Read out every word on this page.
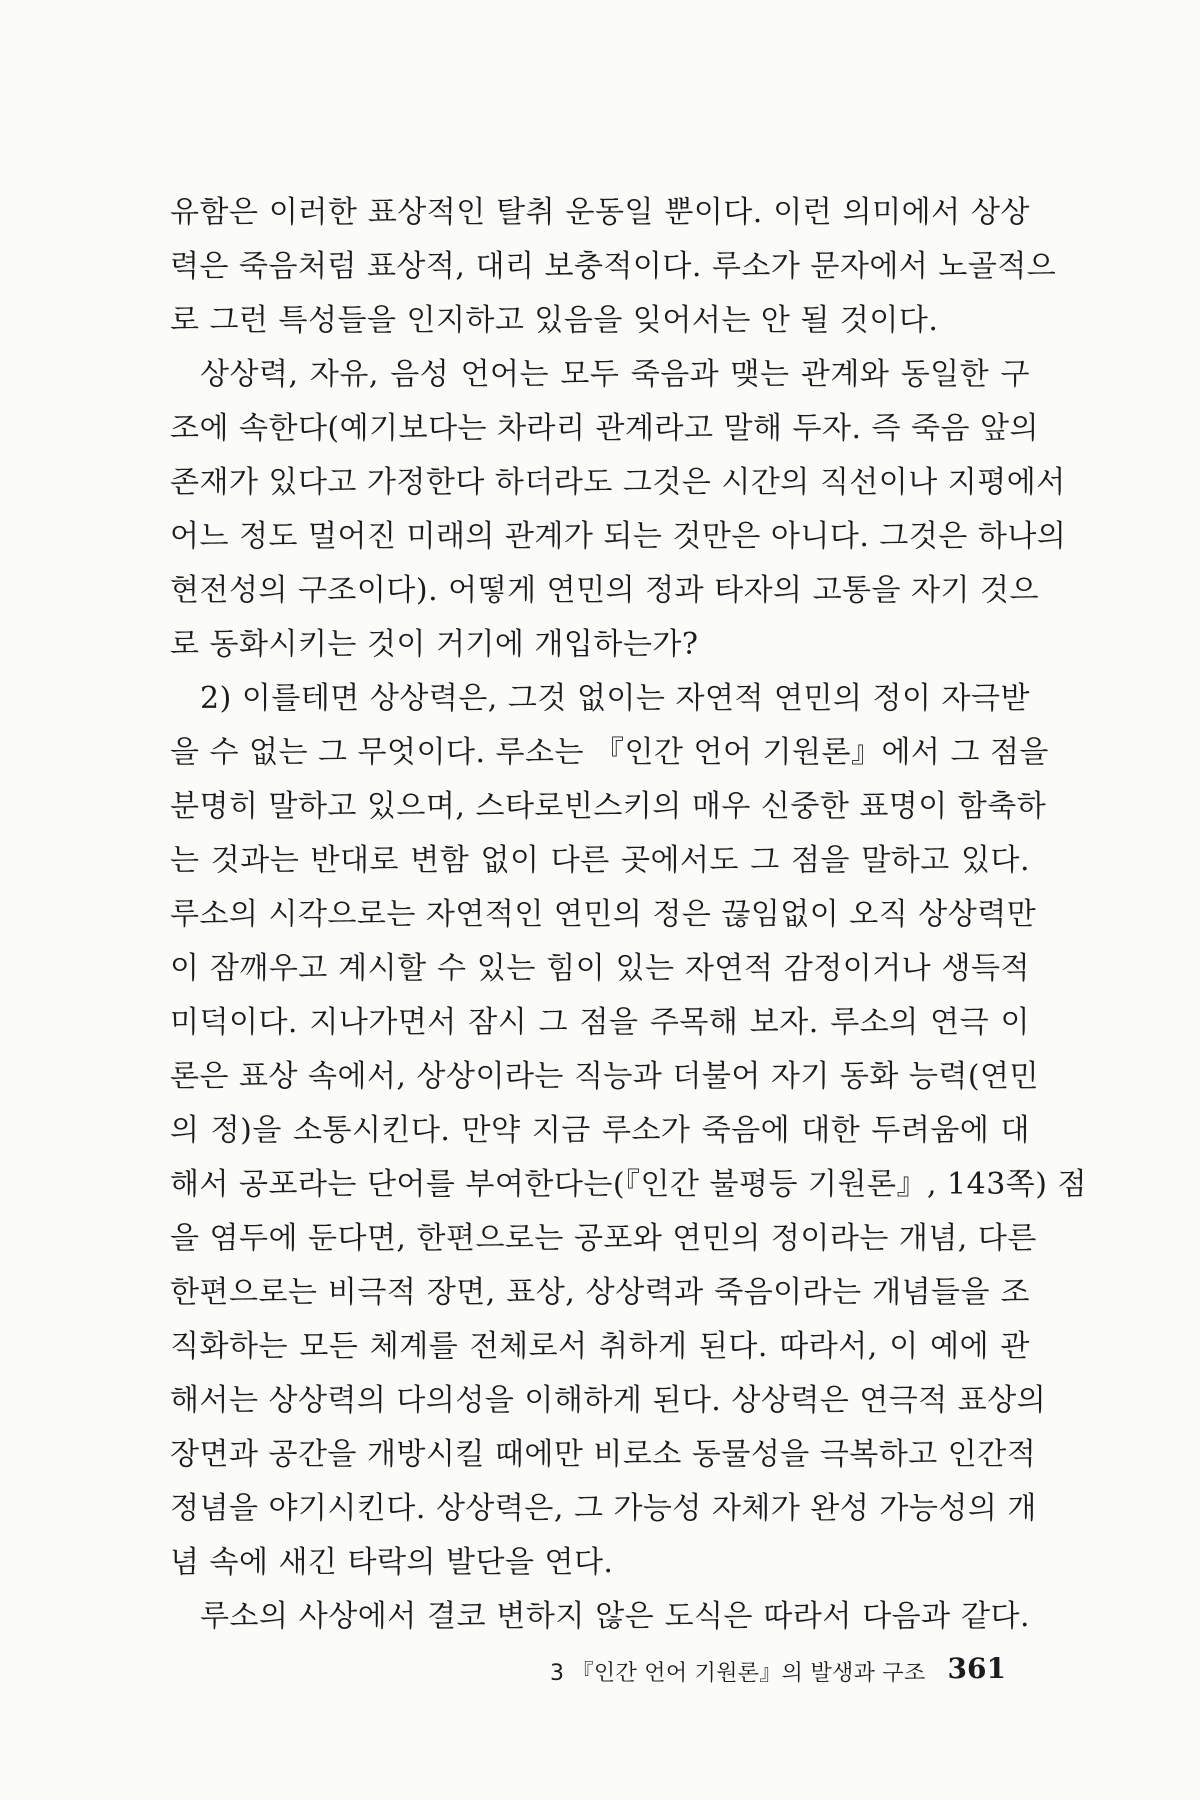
유함은 이러한 표상적인 탈취 운동일 뿐이다. 이런 의미에서 상상
력은 죽음처럼 표상적, 대리 보충적이다. 루소가 문자에서 노골적으
로 그런 특성들을 인지하고 있음을 잊어서는 안 될 것이다.
상상력, 자유, 음성 언어는 모두 죽음과 맺는 관계와 동일한 구
조에 속한다(예기보다는 차라리 관계라고 말해 두자. 즉 죽음 앞의
존재가 있다고 가정한다 하더라도 그것은 시간의 직선이나 지평에서
어느 정도 멀어진 미래의 관계가 되는 것만은 아니다. 그것은 하나의
현전성의 구조이다). 어떻게 연민의 정과 타자의 고통을 자기 것으
로 동화시키는 것이 거기에 개입하는가?
2) 이를테면 상상력은, 그것 없이는 자연적 연민의 정이 자극받
을 수 없는 그 무엇이다. 루소는 『인간 언어 기원론』에서 그 점을
분명히 말하고 있으며, 스타로빈스키의 매우 신중한 표명이 함축하
는 것과는 반대로 변함 없이 다른 곳에서도 그 점을 말하고 있다.
루소의 시각으로는 자연적인 연민의 정은 끊임없이 오직 상상력만
이 잠깨우고 계시할 수 있는 힘이 있는 자연적 감정이거나 생득적
미덕이다. 지나가면서 잠시 그 점을 주목해 보자. 루소의 연극 이
론은 표상 속에서, 상상이라는 직능과 더불어 자기 동화 능력(연민
의 정)을 소통시킨다. 만약 지금 루소가 죽음에 대한 두려움에 대
해서 공포라는 단어를 부여한다는(『인간 불평등 기원론』, 143쪽) 점
을 염두에 둔다면, 한편으로는 공포와 연민의 정이라는 개념, 다른
한편으로는 비극적 장면, 표상, 상상력과 죽음이라는 개념들을 조
직화하는 모든 체계를 전체로서 취하게 된다. 따라서, 이 예에 관
해서는 상상력의 다의성을 이해하게 된다. 상상력은 연극적 표상의
장면과 공간을 개방시킬 때에만 비로소 동물성을 극복하고 인간적
정념을 야기시킨다. 상상력은, 그 가능성 자체가 완성 가능성의 개
념 속에 새긴 타락의 발단을 연다.
루소의 사상에서 결코 변하지 않은 도식은 따라서 다음과 같다.
3 『인간 언어 기원론』의 발생과 구조 361
